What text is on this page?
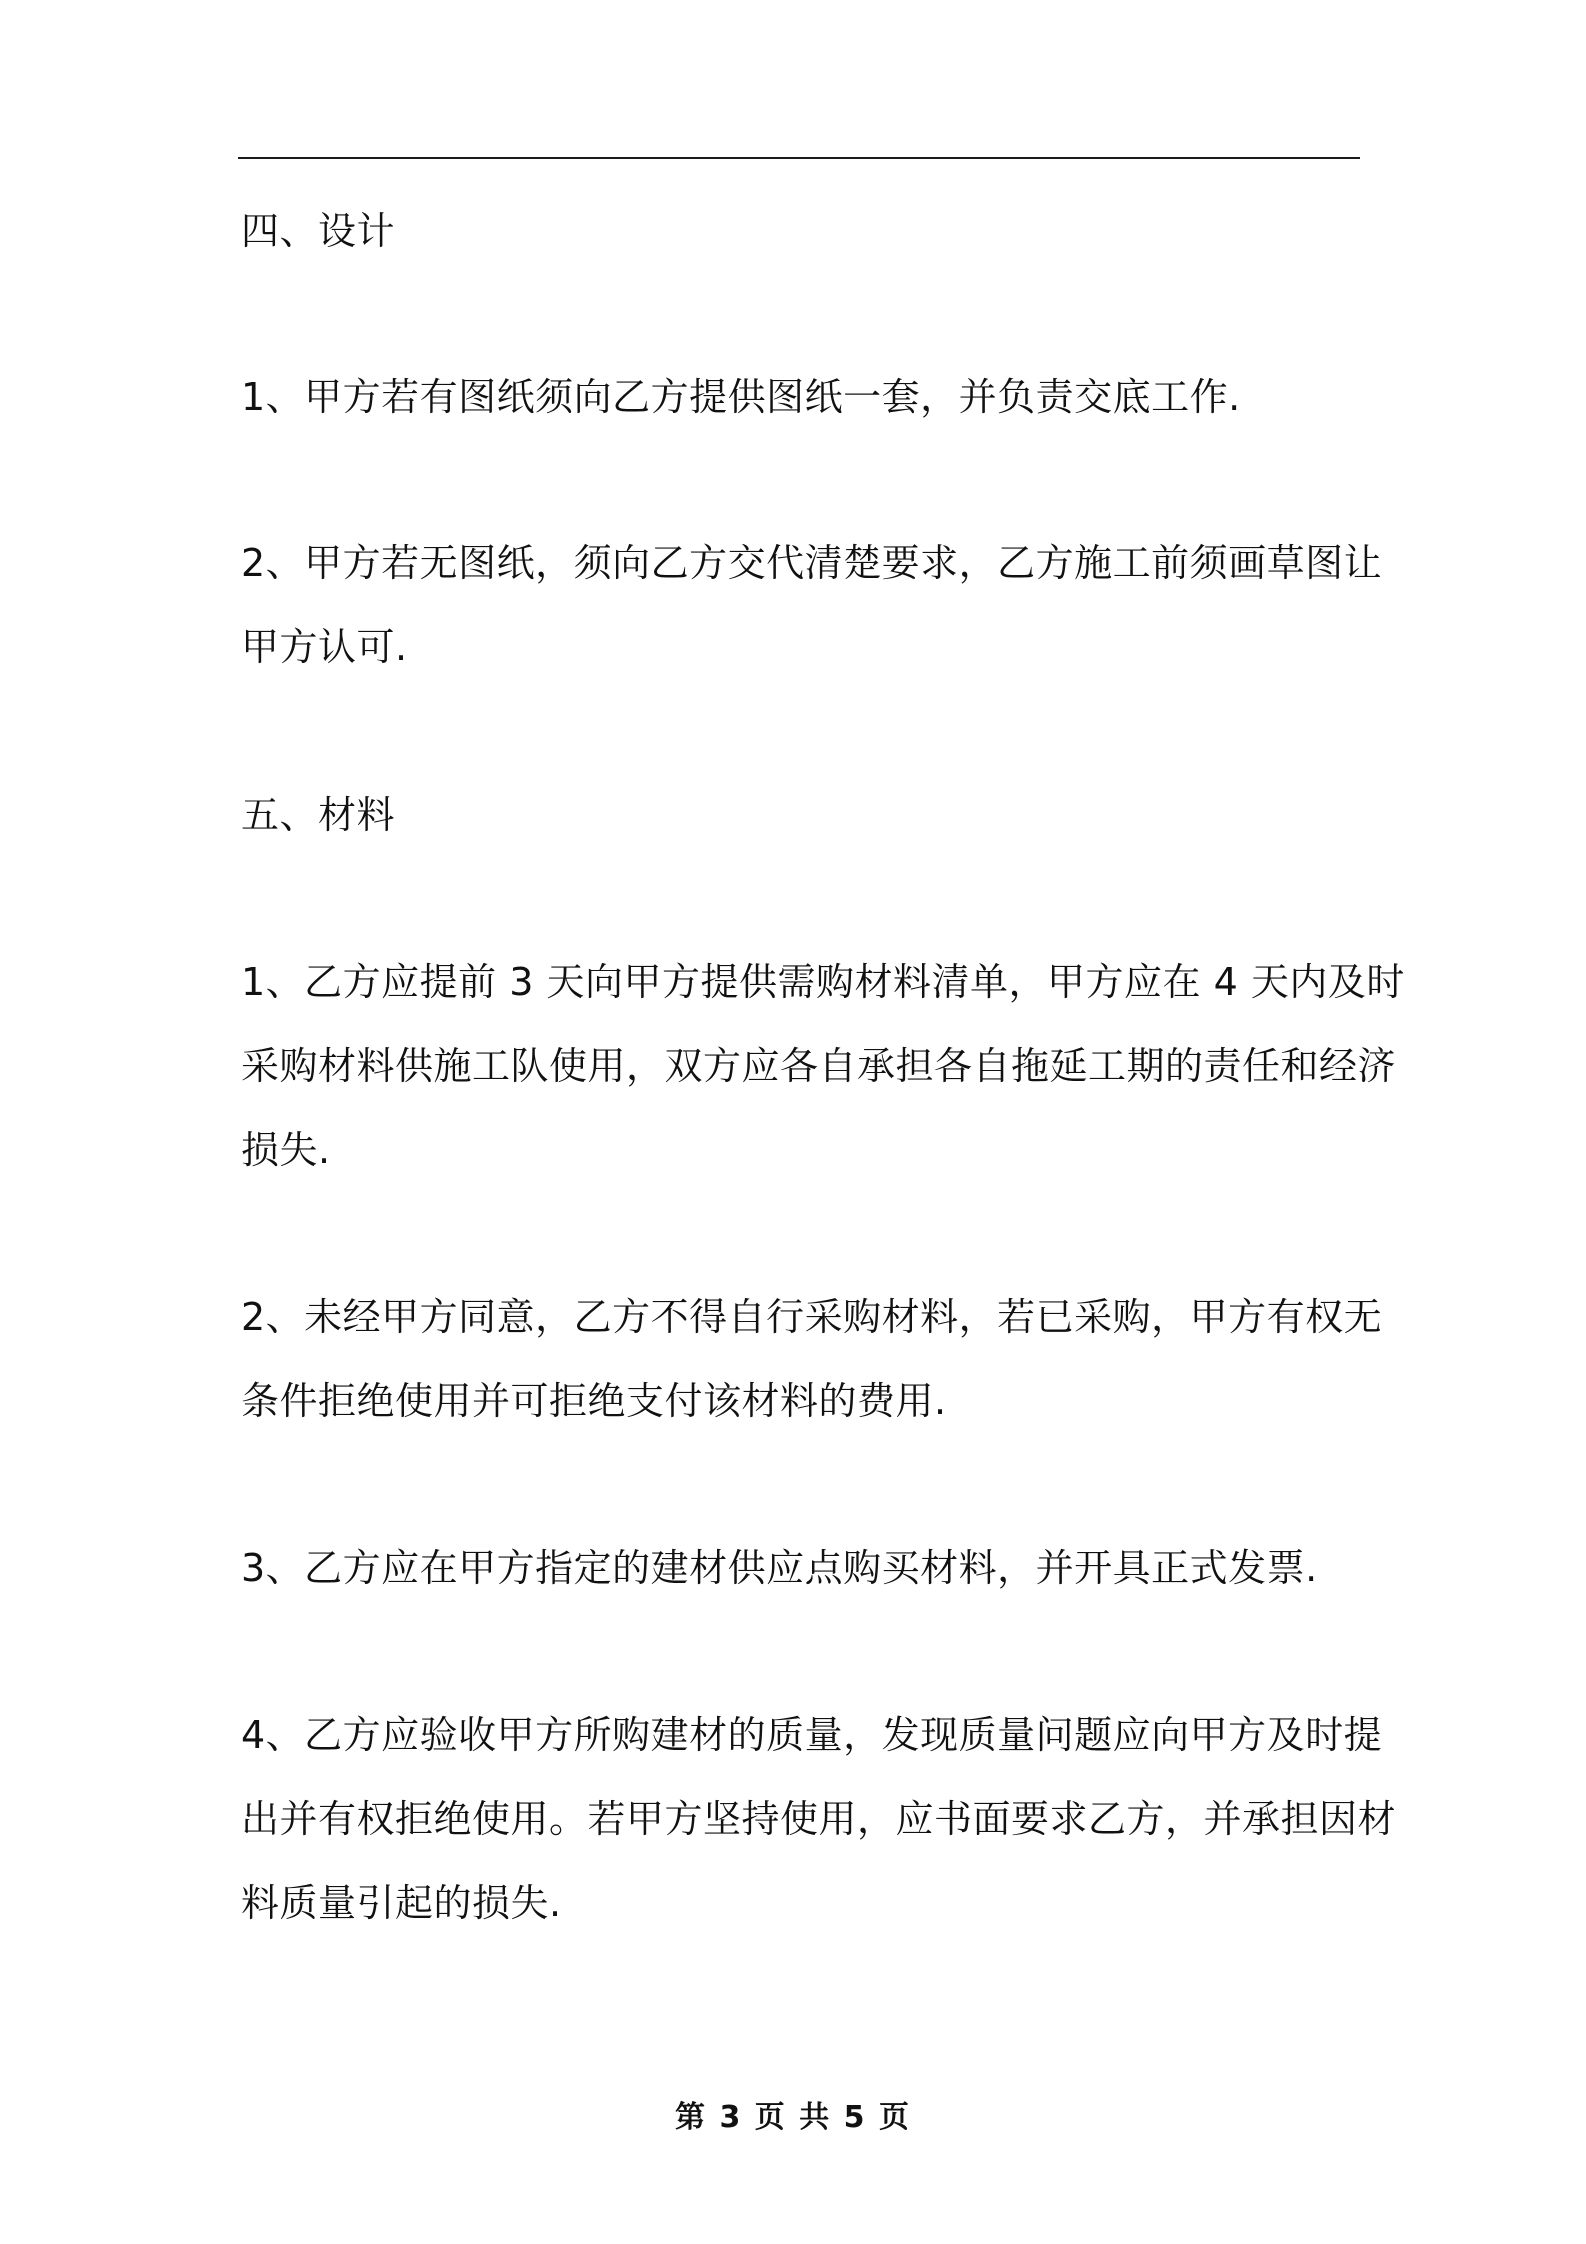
四、设计
1、甲方若有图纸须向乙方提供图纸一套，并负责交底工作.
2、甲方若无图纸，须向乙方交代清楚要求，乙方施工前须画草图让
甲方认可.
五、材料
1、乙方应提前 3 天向甲方提供需购材料清单，甲方应在 4 天内及时
采购材料供施工队使用，双方应各自承担各自拖延工期的责任和经济
损失.
2、未经甲方同意，乙方不得自行采购材料，若已采购，甲方有权无
条件拒绝使用并可拒绝支付该材料的费用.
3、乙方应在甲方指定的建材供应点购买材料，并开具正式发票.
4、乙方应验收甲方所购建材的质量，发现质量问题应向甲方及时提
出并有权拒绝使用。若甲方坚持使用，应书面要求乙方，并承担因材
料质量引起的损失.
第 3 页 共 5 页
